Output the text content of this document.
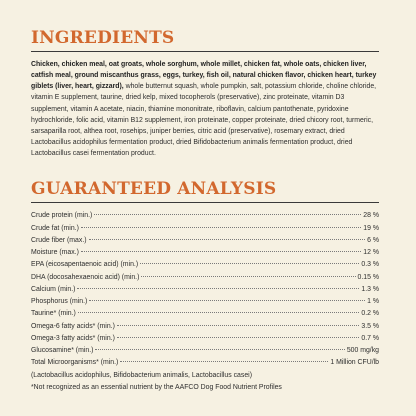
INGREDIENTS

Chicken, chicken meal, oat groats, whole sorghum, whole millet, chicken fat, whole oats, chicken liver, catfish meal, ground miscanthus grass, eggs, turkey, fish oil, natural chicken flavor, chicken heart, turkey giblets (liver, heart, gizzard), whole butternut squash, whole pumpkin, salt, potassium chloride, choline chloride, vitamin E supplement, taurine, dried kelp, mixed tocopherols (preservative), zinc proteinate, vitamin D3 supplement, vitamin A acetate, niacin, thiamine mononitrate, riboflavin, calcium pantothenate, pyridoxine hydrochloride, folic acid, vitamin B12 supplement, iron proteinate, copper proteinate, dried chicory root, turmeric, sarsaparilla root, althea root, rosehips, juniper berries, citric acid (preservative), rosemary extract, dried Lactobacillus acidophilus fermentation product, dried Bifidobacterium animalis fermentation product, dried Lactobacillus casei fermentation product.

GUARANTEED ANALYSIS
Crude protein (min.)	28 %
Crude fat (min.)	19 %
Crude fiber (max.)	6 %
Moisture (max.)	12 %
EPA (eicosapentaenoic acid) (min.)	0.3 %
DHA (docosahexaenoic acid) (min.)	0.15 %
Calcium (min.)	1.3 %
Phosphorus (min.)	1 %
Taurine* (min.)	0.2 %
Omega-6 fatty acids* (min.)	3.5 %
Omega-3 fatty acids* (min.)	0.7 %
Glucosamine* (min.)	500 mg/kg
Total Microorganisms* (min.)	1 Million CFU/lb
(Lactobacillus acidophilus, Bifidobacterium animalis, Lactobacillus casei)
*Not recognized as an essential nutrient by the AAFCO Dog Food Nutrient Profiles
